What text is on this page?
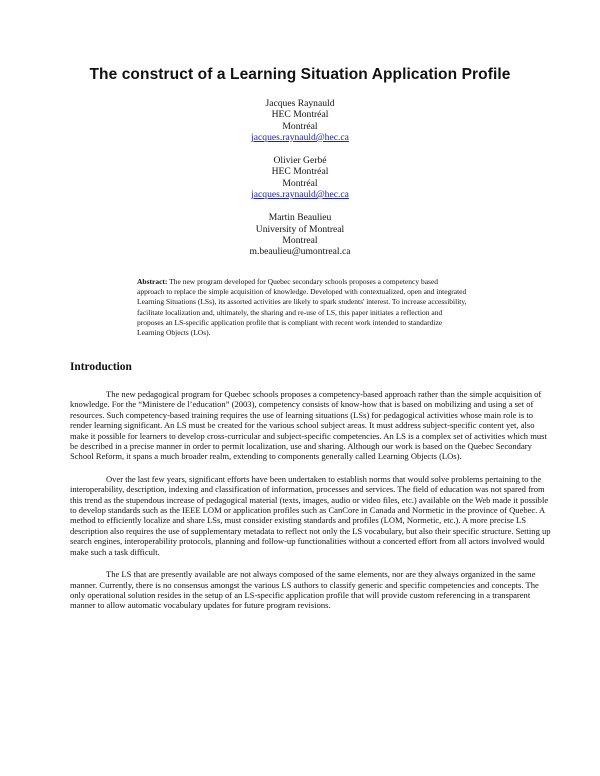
The construct of a Learning Situation Application Profile
Jacques Raynauld
HEC Montréal
Montréal
jacques.raynauld@hec.ca
Olivier Gerbé
HEC Montréal
Montréal
jacques.raynauld@hec.ca
Martin Beaulieu
University of Montreal
Montreal
m.beaulieu@umontreal.ca
Abstract: The new program developed for Quebec secondary schools proposes a competency based approach to replace the simple acquisition of knowledge. Developed with contextualized, open and integrated Learning Situations (LSs), its assorted activities are likely to spark students' interest. To increase accessibility, facilitate localization and, ultimately, the sharing and re-use of LS, this paper initiates a reflection and proposes an LS-specific application profile that is compliant with recent work intended to standardize Learning Objects (LOs).
Introduction

The new pedagogical program for Quebec schools proposes a competency-based approach rather than the simple acquisition of knowledge. For the “Ministere de l’education” (2003), competency consists of know-how that is based on mobilizing and using a set of resources. Such competency-based training requires the use of learning situations (LSs) for pedagogical activities whose main role is to render learning significant. An LS must be created for the various school subject areas. It must address subject-specific content yet, also make it possible for learners to develop cross-curricular and subject-specific competencies. An LS is a complex set of activities which must be described in a precise manner in order to permit localization, use and sharing. Although our work is based on the Quebec Secondary School Reform, it spans a much broader realm, extending to components generally called Learning Objects (LOs).

Over the last few years, significant efforts have been undertaken to establish norms that would solve problems pertaining to the interoperability, description, indexing and classification of information, processes and services. The field of education was not spared from this trend as the stupendous increase of pedagogical material (texts, images, audio or video files, etc.) available on the Web made it possible to develop standards such as the IEEE LOM or application profiles such as CanCore in Canada and Normetic in the province of Quebec. A method to efficiently localize and share LSs, must consider existing standards and profiles (LOM, Normetic, etc.). A more precise LS description also requires the use of supplementary metadata to reflect not only the LS vocabulary, but also their specific structure. Setting up search engines, interoperability protocols, planning and follow-up functionalities without a concerted effort from all actors involved would make such a task difficult.

The LS that are presently available are not always composed of the same elements, nor are they always organized in the same manner. Currently, there is no consensus amongst the various LS authors to classify generic and specific competencies and concepts. The only operational solution resides in the setup of an LS-specific application profile that will provide custom referencing in a transparent manner to allow automatic vocabulary updates for future program revisions.
